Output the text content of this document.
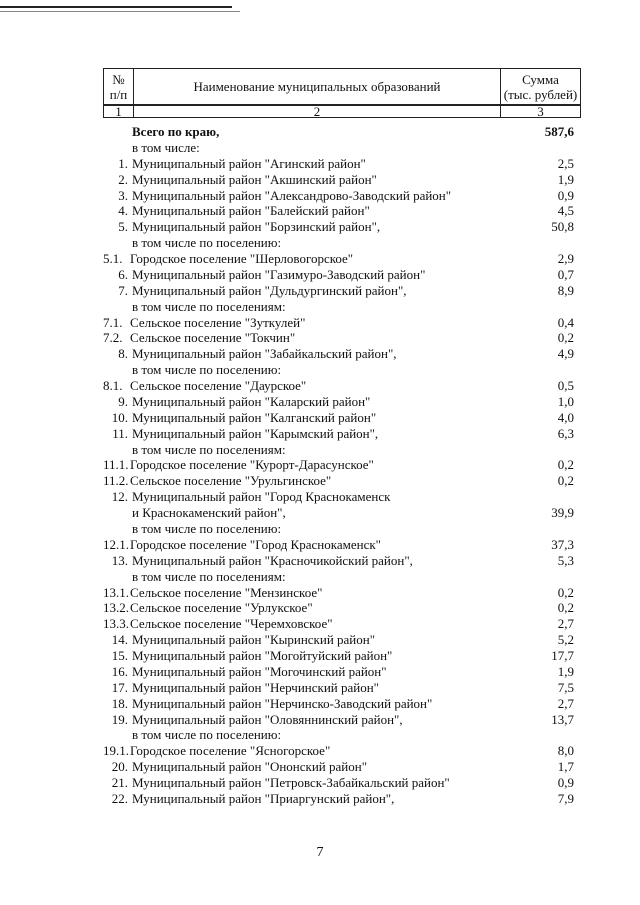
№
п/п	Наименование муниципальных образований	Сумма
(тыс. рублей)
1	2	3
Всего по краю,	587,6
в том числе:
1. Муниципальный район "Агинский район"	2,5
2. Муниципальный район "Акшинский район"	1,9
3. Муниципальный район "Александрово-Заводский район"	0,9
4. Муниципальный район "Балейский район"	4,5
5. Муниципальный район "Борзинский район",	50,8
в том числе по поселению:
5.1. Городское поселение "Шерловогорское"	2,9
6. Муниципальный район "Газимуро-Заводский район"	0,7
7. Муниципальный район "Дульдургинский район",	8,9
в том числе по поселениям:
7.1. Сельское поселение "Зуткулей"	0,4
7.2. Сельское поселение "Токчин"	0,2
8. Муниципальный район "Забайкальский район",	4,9
в том числе по поселению:
8.1. Сельское поселение "Даурское"	0,5
9. Муниципальный район "Каларский район"	1,0
10. Муниципальный район "Калганский район"	4,0
11. Муниципальный район "Карымский район",	6,3
в том числе по поселениям:
11.1. Городское поселение "Курорт-Дарасунское"	0,2
11.2. Сельское поселение "Урульгинское"	0,2
12. Муниципальный район "Город Краснокаменск
и Краснокаменский район",	39,9
в том числе по поселению:
12.1. Городское поселение "Город Краснокаменск"	37,3
13. Муниципальный район "Красночикойский район",	5,3
в том числе по поселениям:
13.1. Сельское поселение "Мензинское"	0,2
13.2. Сельское поселение "Урлукское"	0,2
13.3. Сельское поселение "Черемховское"	2,7
14. Муниципальный район "Кыринский район"	5,2
15. Муниципальный район "Могойтуйский район"	17,7
16. Муниципальный район "Могочинский район"	1,9
17. Муниципальный район "Нерчинский район"	7,5
18. Муниципальный район "Нерчинско-Заводский район"	2,7
19. Муниципальный район "Оловяннинский район",	13,7
в том числе по поселению:
19.1. Городское поселение "Ясногорское"	8,0
20. Муниципальный район "Ононский район"	1,7
21. Муниципальный район "Петровск-Забайкальский район"	0,9
22. Муниципальный район "Приаргунский район",	7,9
7
